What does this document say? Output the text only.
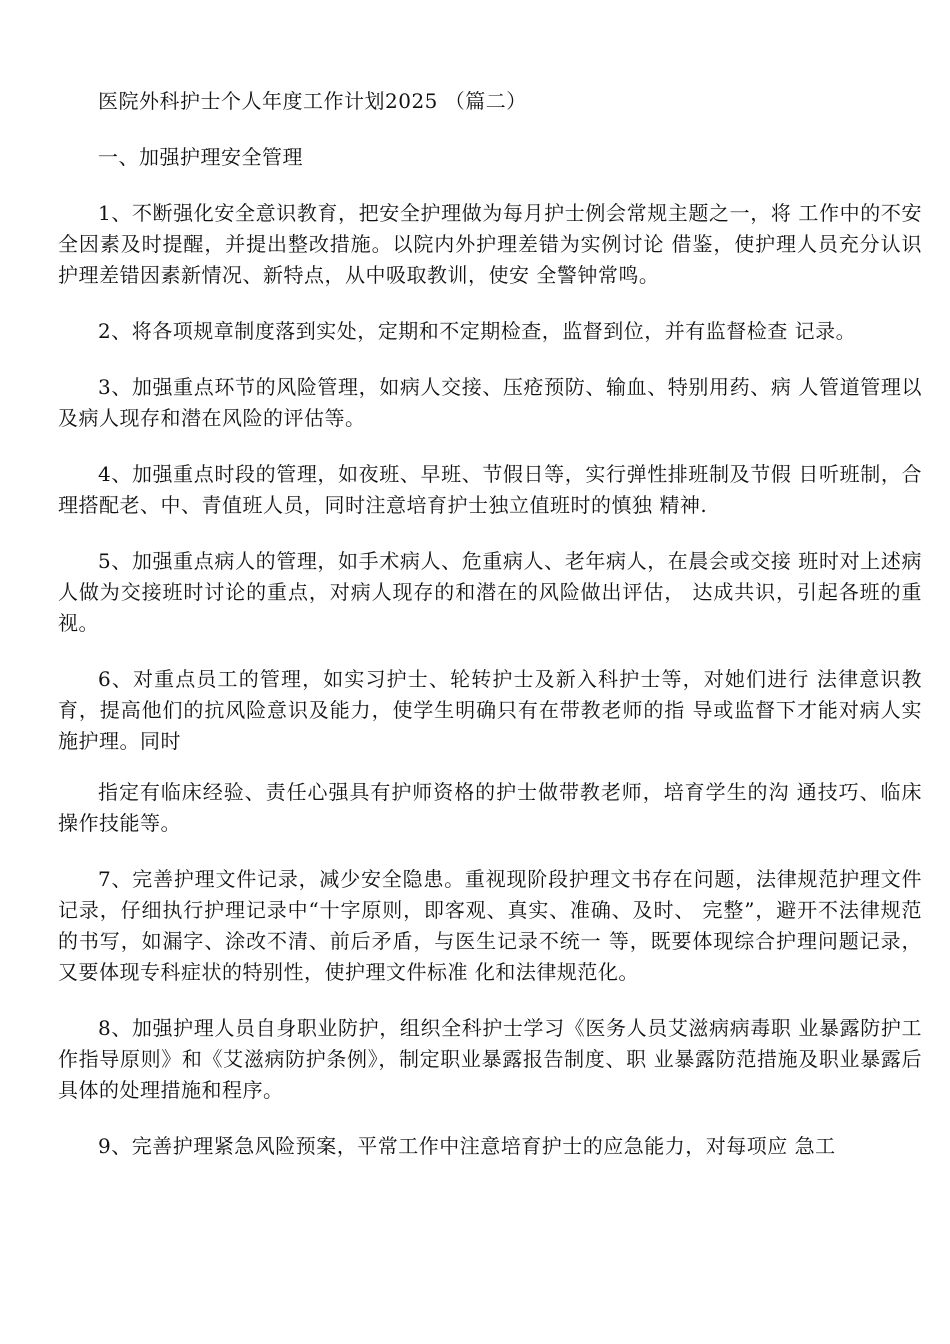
医院外科护士个人年度工作计划2025 （篇二）

一、加强护理安全管理

1、不断强化安全意识教育，把安全护理做为每月护士例会常规主题之一，将 工作中的不安全因素及时提醒，并提出整改措施。以院内外护理差错为实例讨论 借鉴，使护理人员充分认识护理差错因素新情况、新特点，从中吸取教训，使安 全警钟常鸣。

2、将各项规章制度落到实处，定期和不定期检查，监督到位，并有监督检查 记录。

3、加强重点环节的风险管理，如病人交接、压疮预防、输血、特别用药、病 人管道管理以及病人现存和潜在风险的评估等。

4、加强重点时段的管理，如夜班、早班、节假日等，实行弹性排班制及节假 日听班制，合理搭配老、中、青值班人员，同时注意培育护士独立值班时的慎独 精神.

5、加强重点病人的管理，如手术病人、危重病人、老年病人，在晨会或交接 班时对上述病人做为交接班时讨论的重点，对病人现存的和潜在的风险做出评估， 达成共识，引起各班的重视。

6、对重点员工的管理，如实习护士、轮转护士及新入科护士等，对她们进行 法律意识教育，提高他们的抗风险意识及能力，使学生明确只有在带教老师的指 导或监督下才能对病人实施护理。同时

指定有临床经验、责任心强具有护师资格的护士做带教老师，培育学生的沟 通技巧、临床操作技能等。

7、完善护理文件记录，减少安全隐患。重视现阶段护理文书存在问题，法律规范护理文件记录，仔细执行护理记录中“十字原则，即客观、真实、准确、及时、 完整”，避开不法律规范的书写，如漏字、涂改不清、前后矛盾，与医生记录不统一 等，既要体现综合护理问题记录，又要体现专科症状的特别性，使护理文件标准 化和法律规范化。

8、加强护理人员自身职业防护，组织全科护士学习《医务人员艾滋病病毒职 业暴露防护工作指导原则》和《艾滋病防护条例》，制定职业暴露报告制度、职 业暴露防范措施及职业暴露后具体的处理措施和程序。

9、完善护理紧急风险预案，平常工作中注意培育护士的应急能力，对每项应 急工
